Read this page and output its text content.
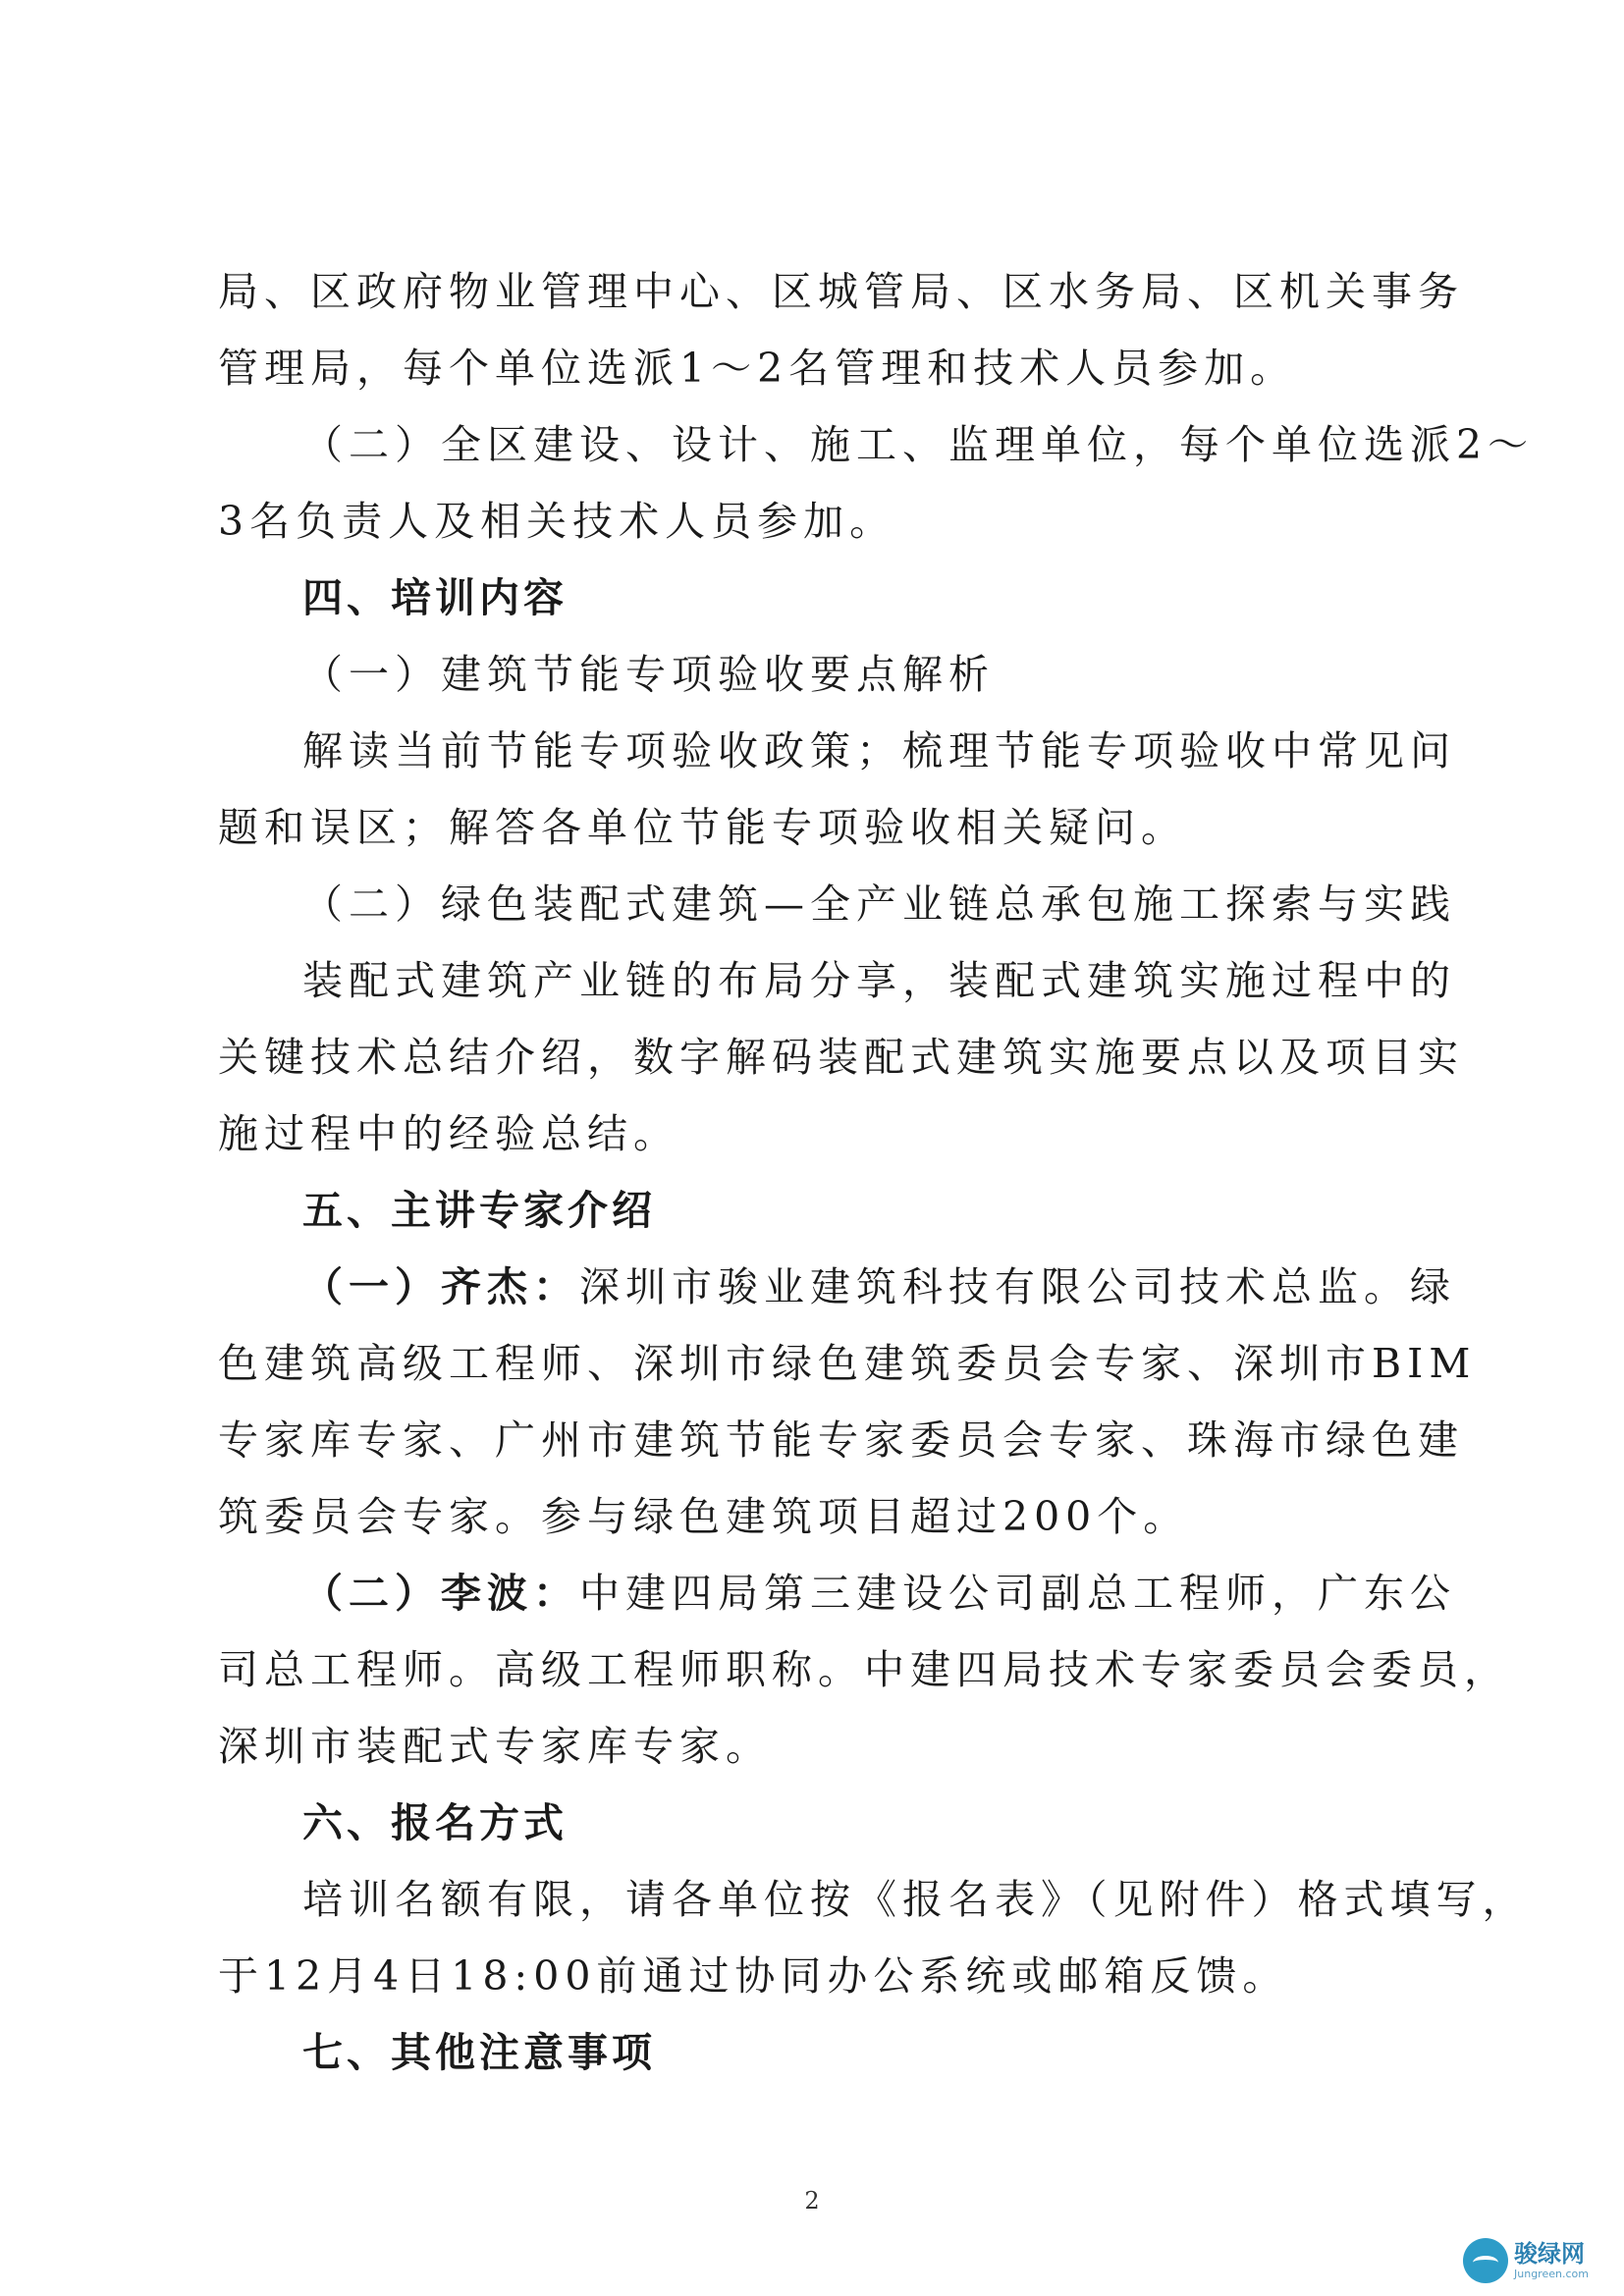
局、区政府物业管理中心、区城管局、区水务局、区机关事务

管理局，每个单位选派1～2名管理和技术人员参加。

（二）全区建设、设计、施工、监理单位，每个单位选派2～

3名负责人及相关技术人员参加。

四、培训内容

（一）建筑节能专项验收要点解析

解读当前节能专项验收政策；梳理节能专项验收中常见问

题和误区；解答各单位节能专项验收相关疑问。

（二）绿色装配式建筑—全产业链总承包施工探索与实践

装配式建筑产业链的布局分享，装配式建筑实施过程中的

关键技术总结介绍，数字解码装配式建筑实施要点以及项目实

施过程中的经验总结。

五、主讲专家介绍

（一）齐杰：深圳市骏业建筑科技有限公司技术总监。绿

色建筑高级工程师、深圳市绿色建筑委员会专家、深圳市BIM

专家库专家、广州市建筑节能专家委员会专家、珠海市绿色建

筑委员会专家。参与绿色建筑项目超过200个。

（二）李波：中建四局第三建设公司副总工程师，广东公

司总工程师。高级工程师职称。中建四局技术专家委员会委员，

深圳市装配式专家库专家。

六、报名方式

培训名额有限，请各单位按《报名表》（见附件）格式填写，

于12月4日18:00前通过协同办公系统或邮箱反馈。

七、其他注意事项

2
骏绿网
Jungreen.com
